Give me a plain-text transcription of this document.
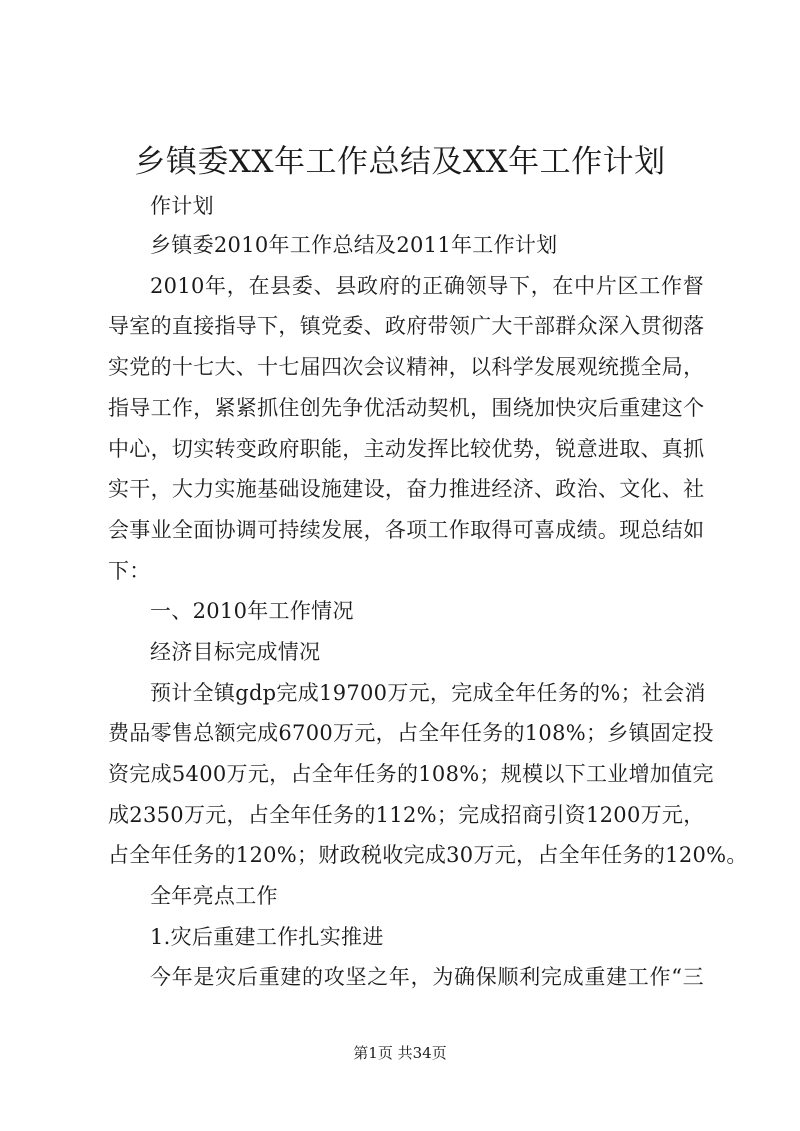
乡镇委XX年工作总结及XX年工作计划
作计划
乡镇委2010年工作总结及2011年工作计划
2010年，在县委、县政府的正确领导下，在中片区工作督
导室的直接指导下，镇党委、政府带领广大干部群众深入贯彻落
实党的十七大、十七届四次会议精神，以科学发展观统揽全局，
指导工作，紧紧抓住创先争优活动契机，围绕加快灾后重建这个
中心，切实转变政府职能，主动发挥比较优势，锐意进取、真抓
实干，大力实施基础设施建设，奋力推进经济、政治、文化、社
会事业全面协调可持续发展，各项工作取得可喜成绩。现总结如
下：
一、2010年工作情况
经济目标完成情况
预计全镇gdp完成19700万元，完成全年任务的%；社会消
费品零售总额完成6700万元，占全年任务的108%；乡镇固定投
资完成5400万元，占全年任务的108%；规模以下工业增加值完
成2350万元，占全年任务的112%；完成招商引资1200万元，
占全年任务的120%；财政税收完成30万元，占全年任务的120%。
全年亮点工作
1.灾后重建工作扎实推进
今年是灾后重建的攻坚之年，为确保顺利完成重建工作“三
第1页 共34页
